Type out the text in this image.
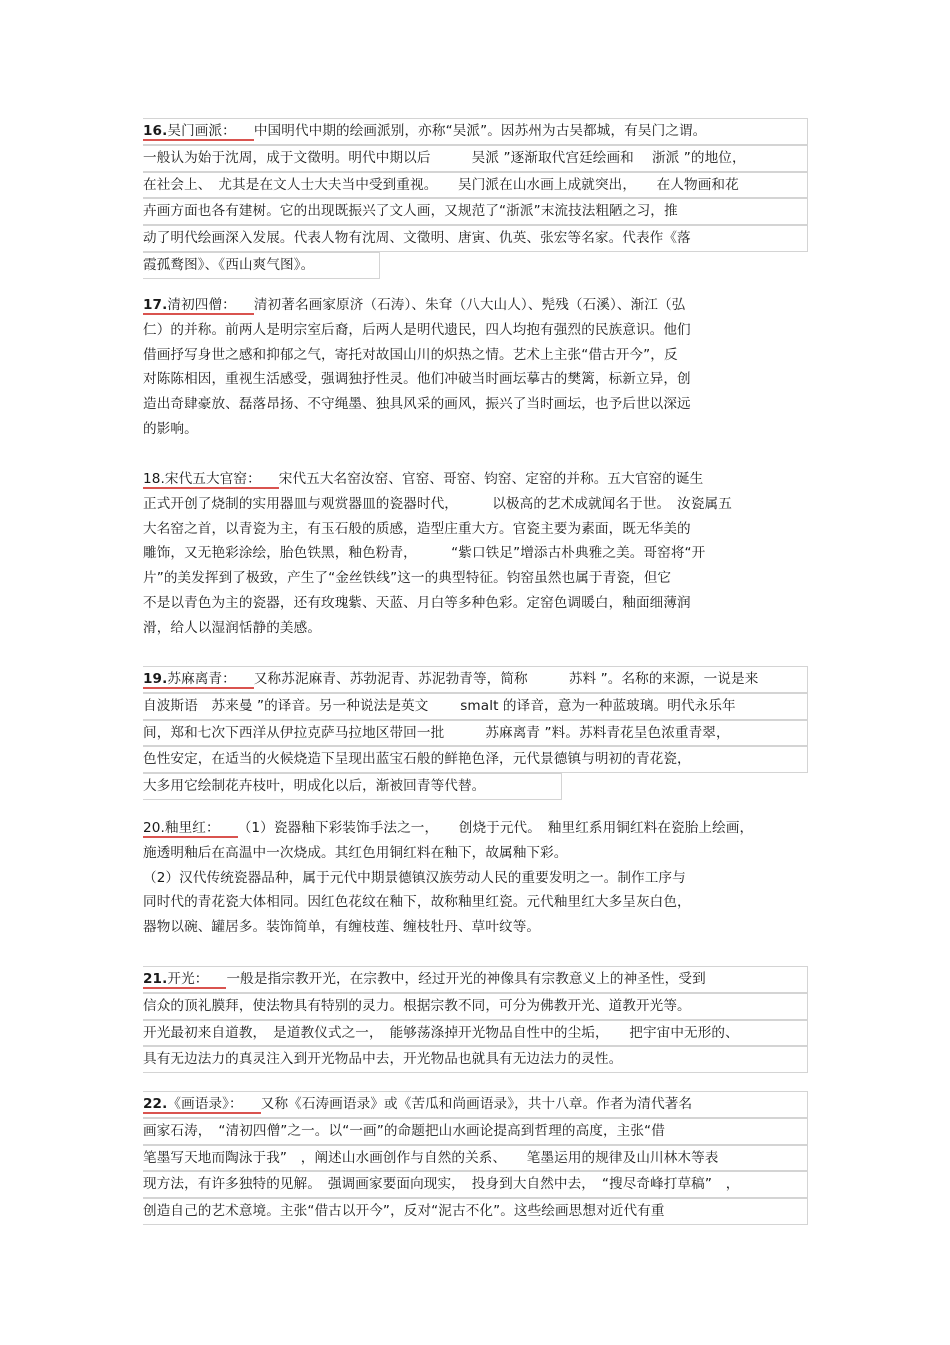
16.吴门画派： 中国明代中期的绘画派别，亦称“吴派”。因苏州为古吴都城，有吴门之谓。
一般认为始于沈周，成于文徵明。明代中期以后　　　吴派 ”逐渐取代宫廷绘画和　 浙派 ”的地位，
在社会上、　尤其是在文人士大夫当中受到重视。　　吴门派在山水画上成就突出，　　在人物画和花
卉画方面也各有建树。它的出现既振兴了文人画，又规范了“浙派”末流技法粗陋之习，推
动了明代绘画深入发展。代表人物有沈周、文徵明、唐寅、仇英、张宏等名家。代表作《落
霞孤鹜图》、《西山爽气图》。
17.清初四僧： 清初著名画家原济（石涛）、朱耷（八大山人）、髡残（石溪）、渐江（弘
仁）的并称。前两人是明宗室后裔，后两人是明代遗民，四人均抱有强烈的民族意识。他们
借画抒写身世之感和抑郁之气，寄托对故国山川的炽热之情。艺术上主张“借古开今”，反
对陈陈相因，重视生活感受，强调独抒性灵。他们冲破当时画坛摹古的樊篱，标新立异，创
造出奇肆豪放、磊落昂扬、不守绳墨、独具风采的画风，振兴了当时画坛，也予后世以深远
的影响。
18.宋代五大官窑： 宋代五大名窑汝窑、官窑、哥窑、钧窑、定窑的并称。五大官窑的诞生
正式开创了烧制的实用器皿与观赏器皿的瓷器时代，　　　以极高的艺术成就闻名于世。　汝瓷属五
大名窑之首，以青瓷为主，有玉石般的质感，造型庄重大方。官瓷主要为素面，既无华美的
雕饰，又无艳彩涂绘，胎色铁黑，釉色粉青，　　　“紫口铁足”增添古朴典雅之美。哥窑将“开
片”的美发挥到了极致，产生了“金丝铁线”这一的典型特征。钧窑虽然也属于青瓷，但它
不是以青色为主的瓷器，还有玫瑰紫、天蓝、月白等多种色彩。定窑色调暖白，釉面细薄润
滑，给人以湿润恬静的美感。
19.苏麻离青： 又称苏泥麻青、苏勃泥青、苏泥勃青等，简称　　　苏料 ”。名称的来源，一说是来
自波斯语　苏来曼 ”的译音。另一种说法是英文　　 smalt 的译音，意为一种蓝玻璃。明代永乐年
间，郑和七次下西洋从伊拉克萨马拉地区带回一批　　　苏麻离青 ”料。苏料青花呈色浓重青翠，
色性安定，在适当的火候烧造下呈现出蓝宝石般的鲜艳色泽，元代景德镇与明初的青花瓷，
大多用它绘制花卉枝叶，明成化以后，渐被回青等代替。
20.釉里红： （1）瓷器釉下彩装饰手法之一，　　创烧于元代。　釉里红系用铜红料在瓷胎上绘画，
施透明釉后在高温中一次烧成。其红色用铜红料在釉下，故属釉下彩。
（2）汉代传统瓷器品种，属于元代中期景德镇汉族劳动人民的重要发明之一。制作工序与
同时代的青花瓷大体相同。因红色花纹在釉下，故称釉里红瓷。元代釉里红大多呈灰白色，
器物以碗、罐居多。装饰简单，有缠枝莲、缠枝牡丹、草叶纹等。
21.开光： 一般是指宗教开光，在宗教中，经过开光的神像具有宗教意义上的神圣性，受到
信众的顶礼膜拜，使法物具有特别的灵力。根据宗教不同，可分为佛教开光、道教开光等。
开光最初来自道教，　是道教仪式之一，　能够荡涤掉开光物品自性中的尘垢，　　把宇宙中无形的、
具有无边法力的真灵注入到开光物品中去，开光物品也就具有无边法力的灵性。
22.《画语录》： 又称《石涛画语录》或《苦瓜和尚画语录》，共十八章。作者为清代著名
画家石涛，　“清初四僧”之一。以“一画”的命题把山水画论提高到哲理的高度，主张“借
笔墨写天地而陶泳于我”　，阐述山水画创作与自然的关系、　　笔墨运用的规律及山川林木等表
现方法，有许多独特的见解。　强调画家要面向现实，　投身到大自然中去，　“搜尽奇峰打草稿”　，
创造自己的艺术意境。主张“借古以开今”，反对“泥古不化”。这些绘画思想对近代有重
